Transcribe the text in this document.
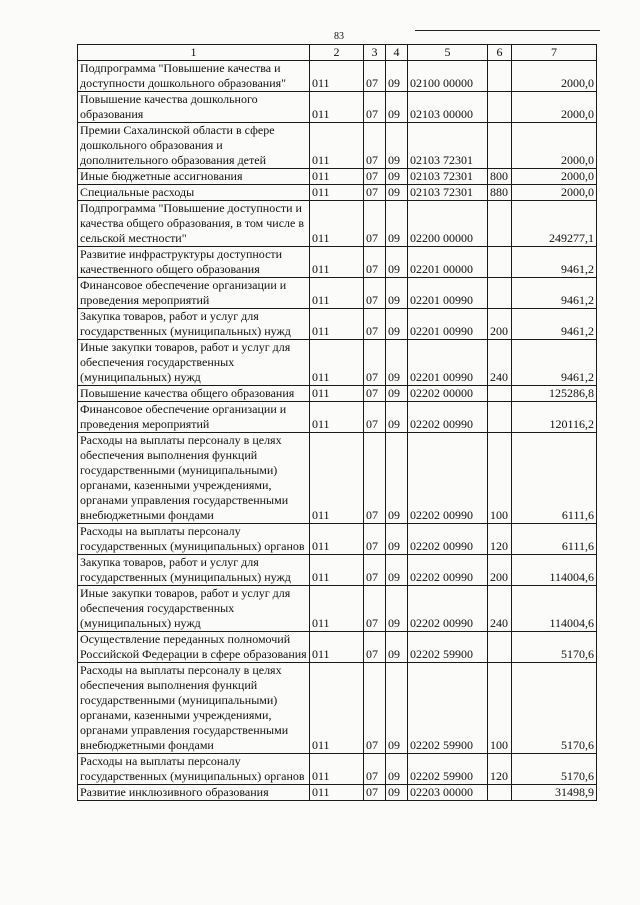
83
1	2	3	4	5	6	7
Подпрограмма "Повышение качества и доступности дошкольного образования"	011	07	09	02100 00000		2000,0
Повышение качества дошкольного образования	011	07	09	02103 00000		2000,0
Премии Сахалинской области в сфере дошкольного образования и дополнительного образования детей	011	07	09	02103 72301		2000,0
Иные бюджетные ассигнования	011	07	09	02103 72301	800	2000,0
Специальные расходы	011	07	09	02103 72301	880	2000,0
Подпрограмма "Повышение доступности и качества общего образования, в том числе в сельской местности"	011	07	09	02200 00000		249277,1
Развитие инфраструктуры доступности качественного общего образования	011	07	09	02201 00000		9461,2
Финансовое обеспечение организации и проведения мероприятий	011	07	09	02201 00990		9461,2
Закупка товаров, работ и услуг для государственных (муниципальных) нужд	011	07	09	02201 00990	200	9461,2
Иные закупки товаров, работ и услуг для обеспечения государственных (муниципальных) нужд	011	07	09	02201 00990	240	9461,2
Повышение качества общего образования	011	07	09	02202 00000		125286,8
Финансовое обеспечение организации и проведения мероприятий	011	07	09	02202 00990		120116,2
Расходы на выплаты персоналу в целях обеспечения выполнения функций государственными (муниципальными) органами, казенными учреждениями, органами управления государственными внебюджетными фондами	011	07	09	02202 00990	100	6111,6
Расходы на выплаты персоналу государственных (муниципальных) органов	011	07	09	02202 00990	120	6111,6
Закупка товаров, работ и услуг для государственных (муниципальных) нужд	011	07	09	02202 00990	200	114004,6
Иные закупки товаров, работ и услуг для обеспечения государственных (муниципальных) нужд	011	07	09	02202 00990	240	114004,6
Осуществление переданных полномочий Российской Федерации в сфере образования	011	07	09	02202 59900		5170,6
Расходы на выплаты персоналу в целях обеспечения выполнения функций государственными (муниципальными) органами, казенными учреждениями, органами управления государственными внебюджетными фондами	011	07	09	02202 59900	100	5170,6
Расходы на выплаты персоналу государственных (муниципальных) органов	011	07	09	02202 59900	120	5170,6
Развитие инклюзивного образования	011	07	09	02203 00000		31498,9
